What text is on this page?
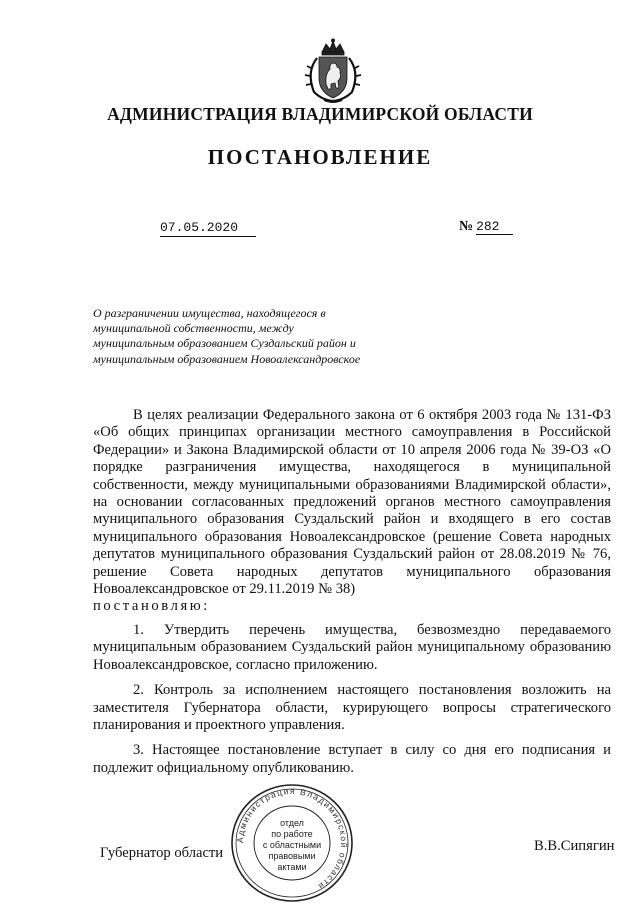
АДМИНИСТРАЦИЯ ВЛАДИМИРСКОЙ ОБЛАСТИ
ПОСТАНОВЛЕНИЕ
07.05.2020	№ 282
О разграничении имущества, находящегося в муниципальной собственности, между муниципальным образованием Суздальский район и муниципальным образованием Новоалександровское

В целях реализации Федерального закона от 6 октября 2003 года № 131-ФЗ «Об общих принципах организации местного самоуправления в Российской Федерации» и Закона Владимирской области от 10 апреля 2006 года № 39-ОЗ «О порядке разграничения имущества, находящегося в муниципальной собственности, между муниципальными образованиями Владимирской области», на основании согласованных предложений органов местного самоуправления муниципального образования Суздальский район и входящего в его состав муниципального образования Новоалександровское (решение Совета народных депутатов муниципального образования Суздальский район от 28.08.2019 № 76, решение Совета народных депутатов муниципального образования Новоалександровское от 29.11.2019 № 38)
постановляю:

1. Утвердить перечень имущества, безвозмездно передаваемого муниципальным образованием Суздальский район муниципальному образованию Новоалександровское, согласно приложению.

2. Контроль за исполнением настоящего постановления возложить на заместителя Губернатора области, курирующего вопросы стратегического планирования и проектного управления.

3. Настоящее постановление вступает в силу со дня его подписания и подлежит официальному опубликованию.

Губернатор области	В.В.Сипягин
Администрация Владимирской области
отдел
по работе
с областными
правовыми
актами
